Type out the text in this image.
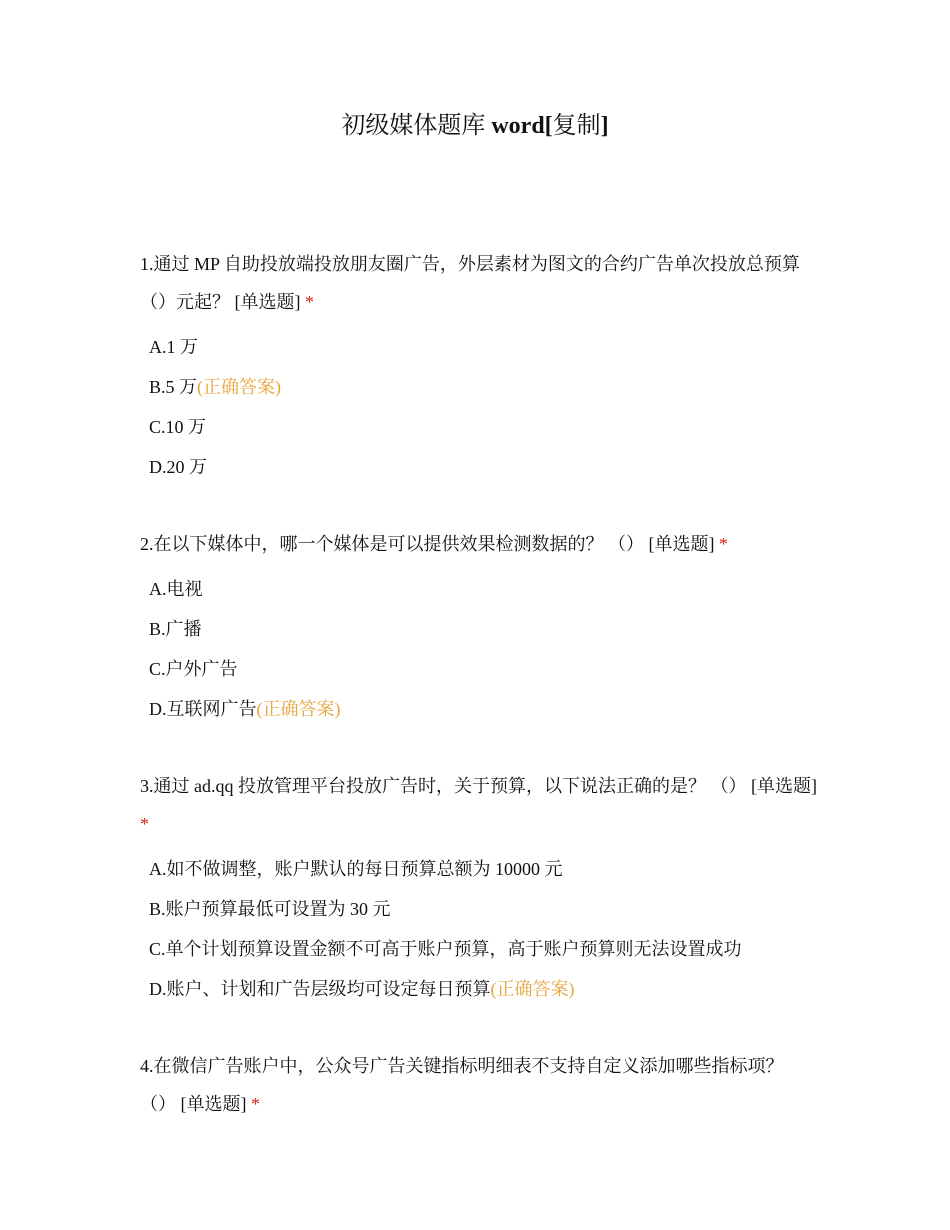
初级媒体题库 word[复制]

1.通过 MP 自助投放端投放朋友圈广告，外层素材为图文的合约广告单次投放总预算（）元起？ [单选题] *

A.1 万
B.5 万(正确答案)
C.10 万
D.20 万

2.在以下媒体中，哪一个媒体是可以提供效果检测数据的？ （） [单选题] *

A.电视
B.广播
C.户外广告
D.互联网广告(正确答案)

3.通过 ad.qq 投放管理平台投放广告时，关于预算，以下说法正确的是？ （） [单选题] *

A.如不做调整，账户默认的每日预算总额为 10000 元
B.账户预算最低可设置为 30 元
C.单个计划预算设置金额不可高于账户预算，高于账户预算则无法设置成功
D.账户、计划和广告层级均可设定每日预算(正确答案)

4.在微信广告账户中，公众号广告关键指标明细表不支持自定义添加哪些指标项？ （） [单选题] *
